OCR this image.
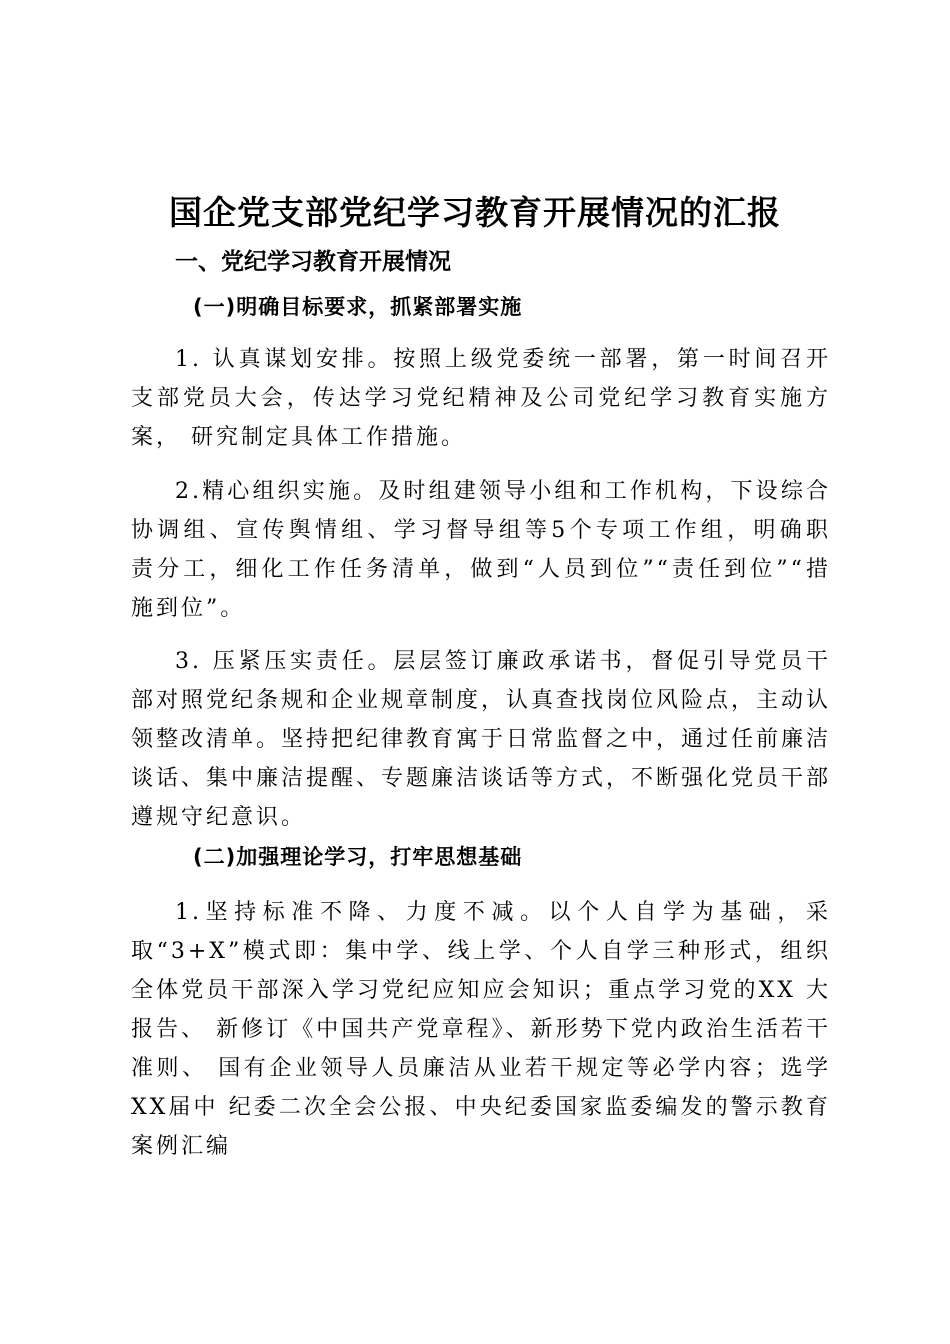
国企党支部党纪学习教育开展情况的汇报
一、党纪学习教育开展情况
(一)明确目标要求，抓紧部署实施
1. 认真谋划安排。按照上级党委统一部署，第一时间召开支部党员大会，传达学习党纪精神及公司党纪学习教育实施方案， 研究制定具体工作措施。
2.精心组织实施。及时组建领导小组和工作机构，下设综合协调组、宣传舆情组、学习督导组等5个专项工作组，明确职 责分工，细化工作任务清单，做到“人员到位”“责任到位”“措 施到位”。
3. 压紧压实责任。层层签订廉政承诺书，督促引导党员干部对照党纪条规和企业规章制度，认真查找岗位风险点，主动认 领整改清单。坚持把纪律教育寓于日常监督之中，通过任前廉洁 谈话、集中廉洁提醒、专题廉洁谈话等方式，不断强化党员干部 遵规守纪意识。
(二)加强理论学习，打牢思想基础
1.坚持标准不降、力度不减。以个人自学为基础，采取“3+X”模式即：集中学、线上学、个人自学三种形式，组织全体党员干部深入学习党纪应知应会知识；重点学习党的XX 大报告、 新修订《中国共产党章程》、新形势下党内政治生活若干准则、 国有企业领导人员廉洁从业若干规定等必学内容；选学XX届中 纪委二次全会公报、中央纪委国家监委编发的警示教育案例汇编
